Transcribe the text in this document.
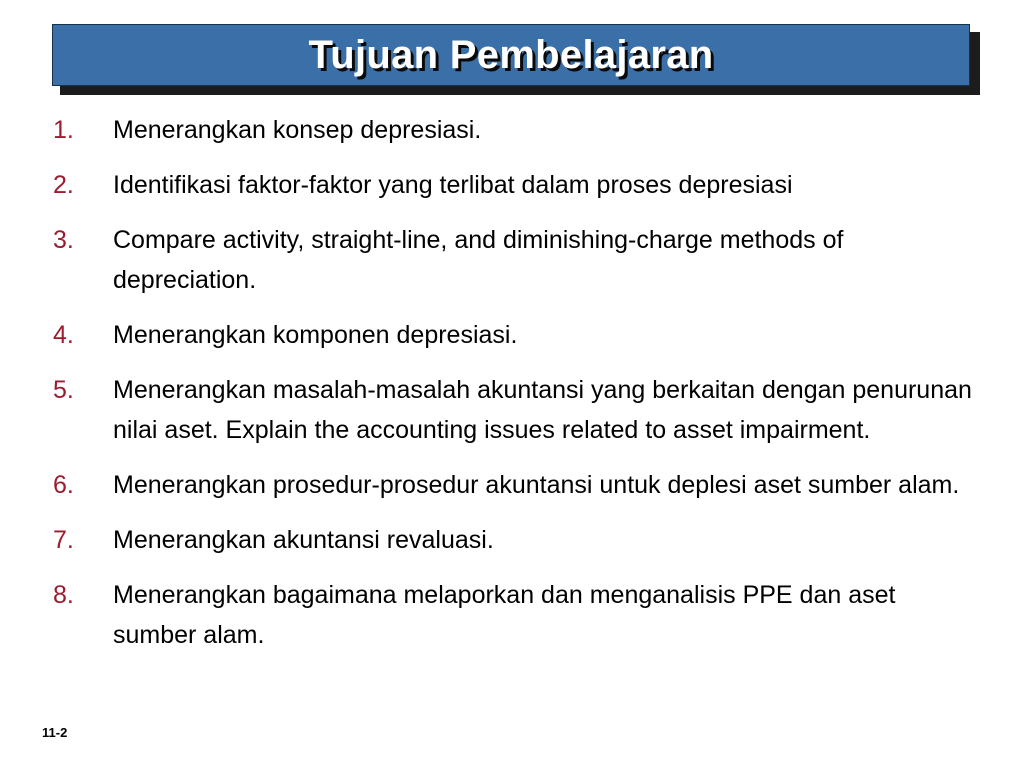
Tujuan Pembelajaran
1. Menerangkan konsep depresiasi.
2. Identifikasi faktor-faktor yang terlibat dalam proses depresiasi
3. Compare activity, straight-line, and diminishing-charge methods of depreciation.
4. Menerangkan komponen depresiasi.
5. Menerangkan masalah-masalah akuntansi yang berkaitan dengan penurunan nilai aset. Explain the accounting issues related to asset impairment.
6. Menerangkan prosedur-prosedur akuntansi untuk deplesi aset sumber alam.
7. Menerangkan akuntansi revaluasi.
8. Menerangkan bagaimana melaporkan dan menganalisis PPE dan aset sumber alam.
11-2
